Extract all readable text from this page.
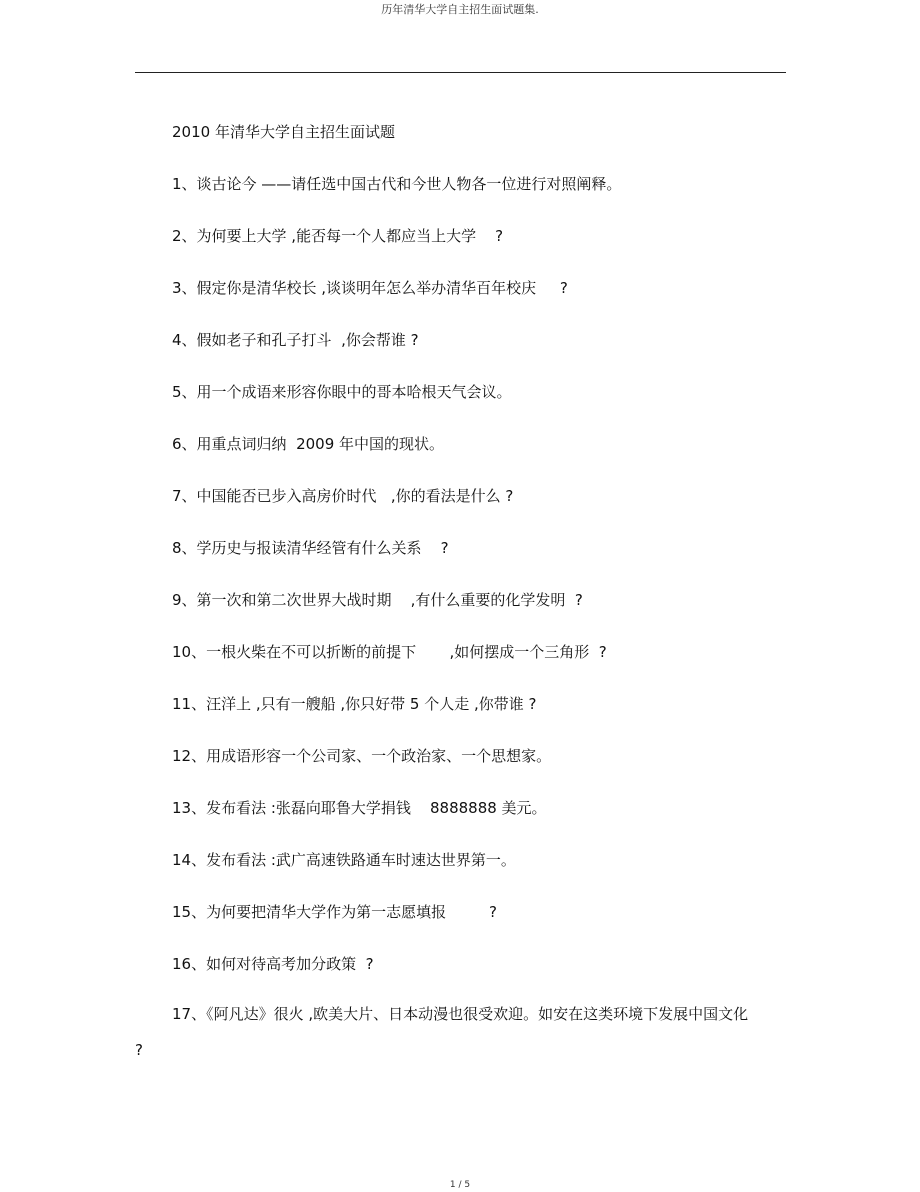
历年清华大学自主招生面试题集.
2010 年清华大学自主招生面试题
1、谈古论今 ——请任选中国古代和今世人物各一位进行对照阐释。
2、为何要上大学 ,能否每一个人都应当上大学    ?
3、假定你是清华校长 ,谈谈明年怎么举办清华百年校庆     ?
4、假如老子和孔子打斗  ,你会帮谁 ?
5、用一个成语来形容你眼中的哥本哈根天气会议。
6、用重点词归纳  2009 年中国的现状。
7、中国能否已步入高房价时代   ,你的看法是什么 ?
8、学历史与报读清华经管有什么关系    ?
9、第一次和第二次世界大战时期    ,有什么重要的化学发明  ?
10、一根火柴在不可以折断的前提下       ,如何摆成一个三角形  ?
11、汪洋上 ,只有一艘船 ,你只好带 5 个人走 ,你带谁 ?
12、用成语形容一个公司家、一个政治家、一个思想家。
13、发布看法 :张磊向耶鲁大学捐钱    8888888 美元。
14、发布看法 :武广高速铁路通车时速达世界第一。
15、为何要把清华大学作为第一志愿填报         ?
16、如何对待高考加分政策  ?
17、《阿凡达》很火 ,欧美大片、日本动漫也很受欢迎。如安在这类环境下发展中国文化 ?
1 / 5
